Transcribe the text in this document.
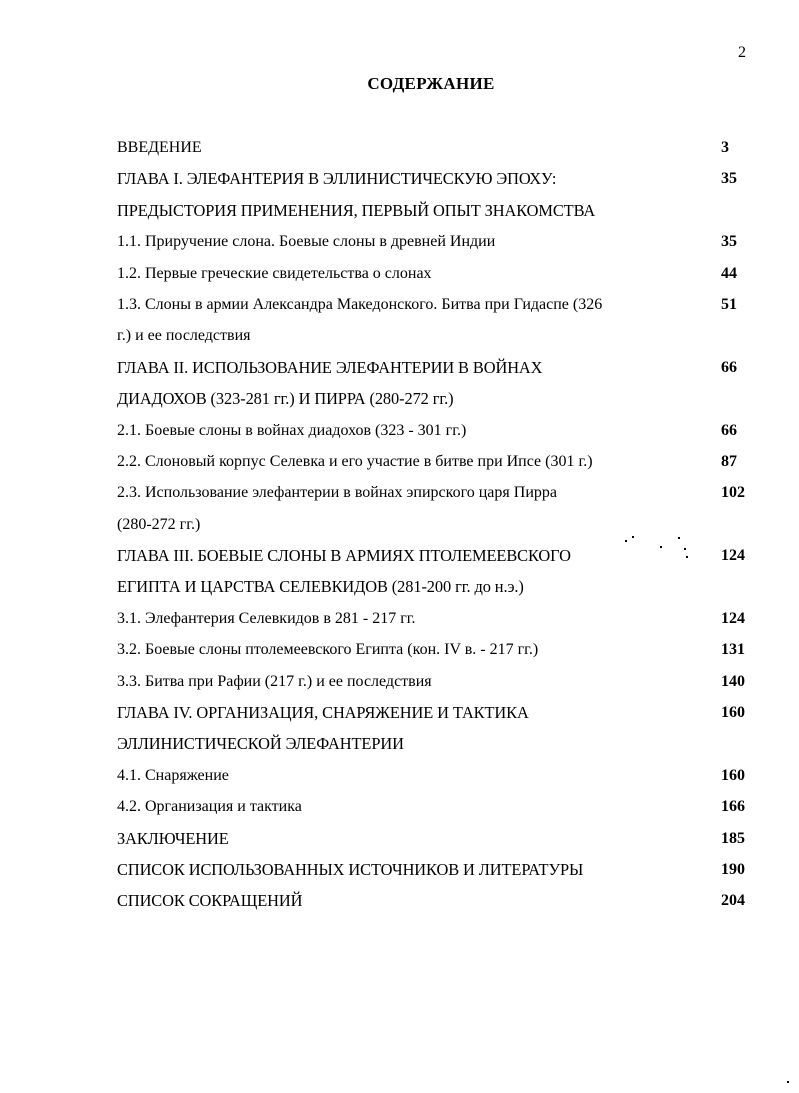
2
СОДЕРЖАНИЕ
ВВЕДЕНИЕ	3
ГЛАВА I. ЭЛЕФАНТЕРИЯ В ЭЛЛИНИСТИЧЕСКУЮ ЭПОХУ:	35
ПРЕДЫСТОРИЯ ПРИМЕНЕНИЯ, ПЕРВЫЙ ОПЫТ ЗНАКОМСТВА
1.1. Приручение слона. Боевые слоны в древней Индии	35
1.2. Первые греческие свидетельства о слонах	44
1.3. Слоны в армии Александра Македонского. Битва при Гидаспе (326	51
г.) и ее последствия
ГЛАВА II. ИСПОЛЬЗОВАНИЕ ЭЛЕФАНТЕРИИ В ВОЙНАХ	66
ДИАДОХОВ (323-281 гг.) И ПИРРА (280-272 гг.)
2.1. Боевые слоны в войнах диадохов (323 - 301 гг.)	66
2.2. Слоновый корпус Селевка и его участие в битве при Ипсе (301 г.)	87
2.3. Использование элефантерии в войнах эпирского царя Пирра	102
(280-272 гг.)
ГЛАВА III. БОЕВЫЕ СЛОНЫ В АРМИЯХ ПТОЛЕМЕЕВСКОГО	124
ЕГИПТА И ЦАРСТВА СЕЛЕВКИДОВ (281-200 гг. до н.э.)
3.1. Элефантерия Селевкидов в 281 - 217 гг.	124
3.2. Боевые слоны птолемеевского Египта (кон. IV в. - 217 гг.)	131
3.3. Битва при Рафии (217 г.) и ее последствия	140
ГЛАВА IV. ОРГАНИЗАЦИЯ, СНАРЯЖЕНИЕ И ТАКТИКА	160
ЭЛЛИНИСТИЧЕСКОЙ ЭЛЕФАНТЕРИИ
4.1. Снаряжение	160
4.2. Организация и тактика	166
ЗАКЛЮЧЕНИЕ	185
СПИСОК ИСПОЛЬЗОВАННЫХ ИСТОЧНИКОВ И ЛИТЕРАТУРЫ	190
СПИСОК СОКРАЩЕНИЙ	204
